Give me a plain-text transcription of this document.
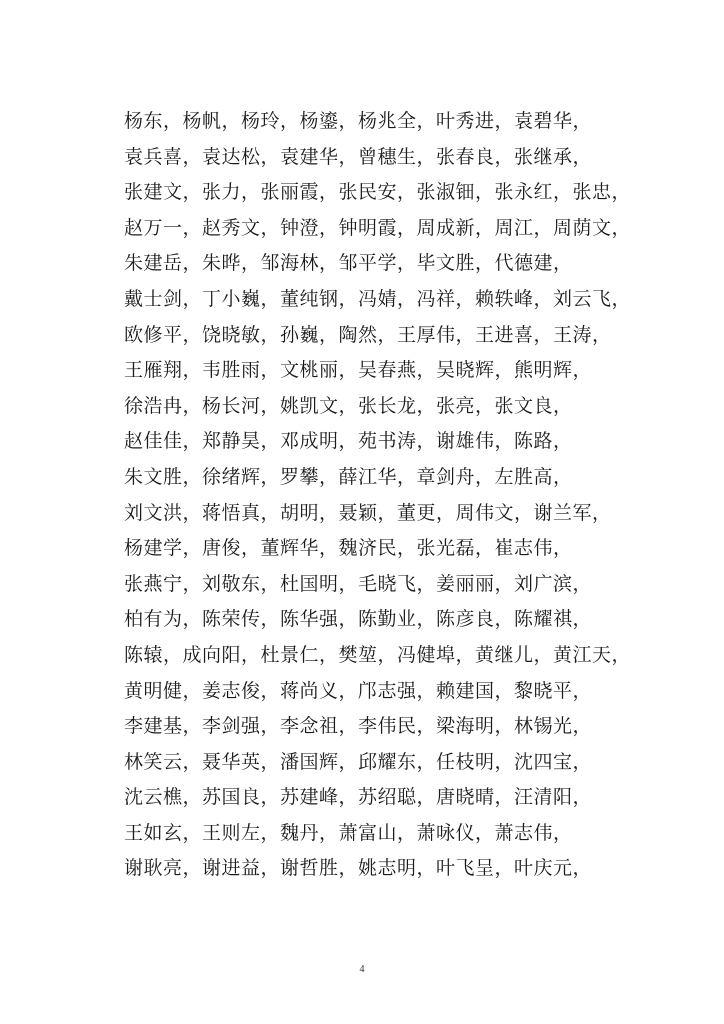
杨东，杨帆，杨玲，杨鎏，杨兆全，叶秀进，袁碧华，
袁兵喜，袁达松，袁建华，曾穗生，张春良，张继承，
张建文，张力，张丽霞，张民安，张淑钿，张永红，张忠，
赵万一，赵秀文，钟澄，钟明霞，周成新，周江，周荫文，
朱建岳，朱晔，邹海林，邹平学，毕文胜，代德建，
戴士剑，丁小巍，董纯钢，冯婧，冯祥，赖轶峰，刘云飞，
欧修平，饶晓敏，孙巍，陶然，王厚伟，王进喜，王涛，
王雁翔，韦胜雨，文桃丽，吴春燕，吴晓辉，熊明辉，
徐浩冉，杨长河，姚凯文，张长龙，张亮，张文良，
赵佳佳，郑静昊，邓成明，苑书涛，谢雄伟，陈路，
朱文胜，徐绪辉，罗攀，薛江华，章剑舟，左胜高，
刘文洪，蒋悟真，胡明，聂颖，董更，周伟文，谢兰军，
杨建学，唐俊，董辉华，魏济民，张光磊，崔志伟，
张燕宁，刘敬东，杜国明，毛晓飞，姜丽丽，刘广滨，
柏有为，陈荣传，陈华强，陈勤业，陈彦良，陈耀祺，
陈辕，成向阳，杜景仁，樊堃，冯健埠，黄继儿，黄江天，
黄明健，姜志俊，蒋尚义，邝志强，赖建国，黎晓平，
李建基，李剑强，李念祖，李伟民，梁海明，林锡光，
林笑云，聂华英，潘国辉，邱耀东，任枝明，沈四宝，
沈云樵，苏国良，苏建峰，苏绍聪，唐晓晴，汪清阳，
王如玄，王则左，魏丹，萧富山，萧咏仪，萧志伟，
谢耿亮，谢进益，谢哲胜，姚志明，叶飞呈，叶庆元，
4
